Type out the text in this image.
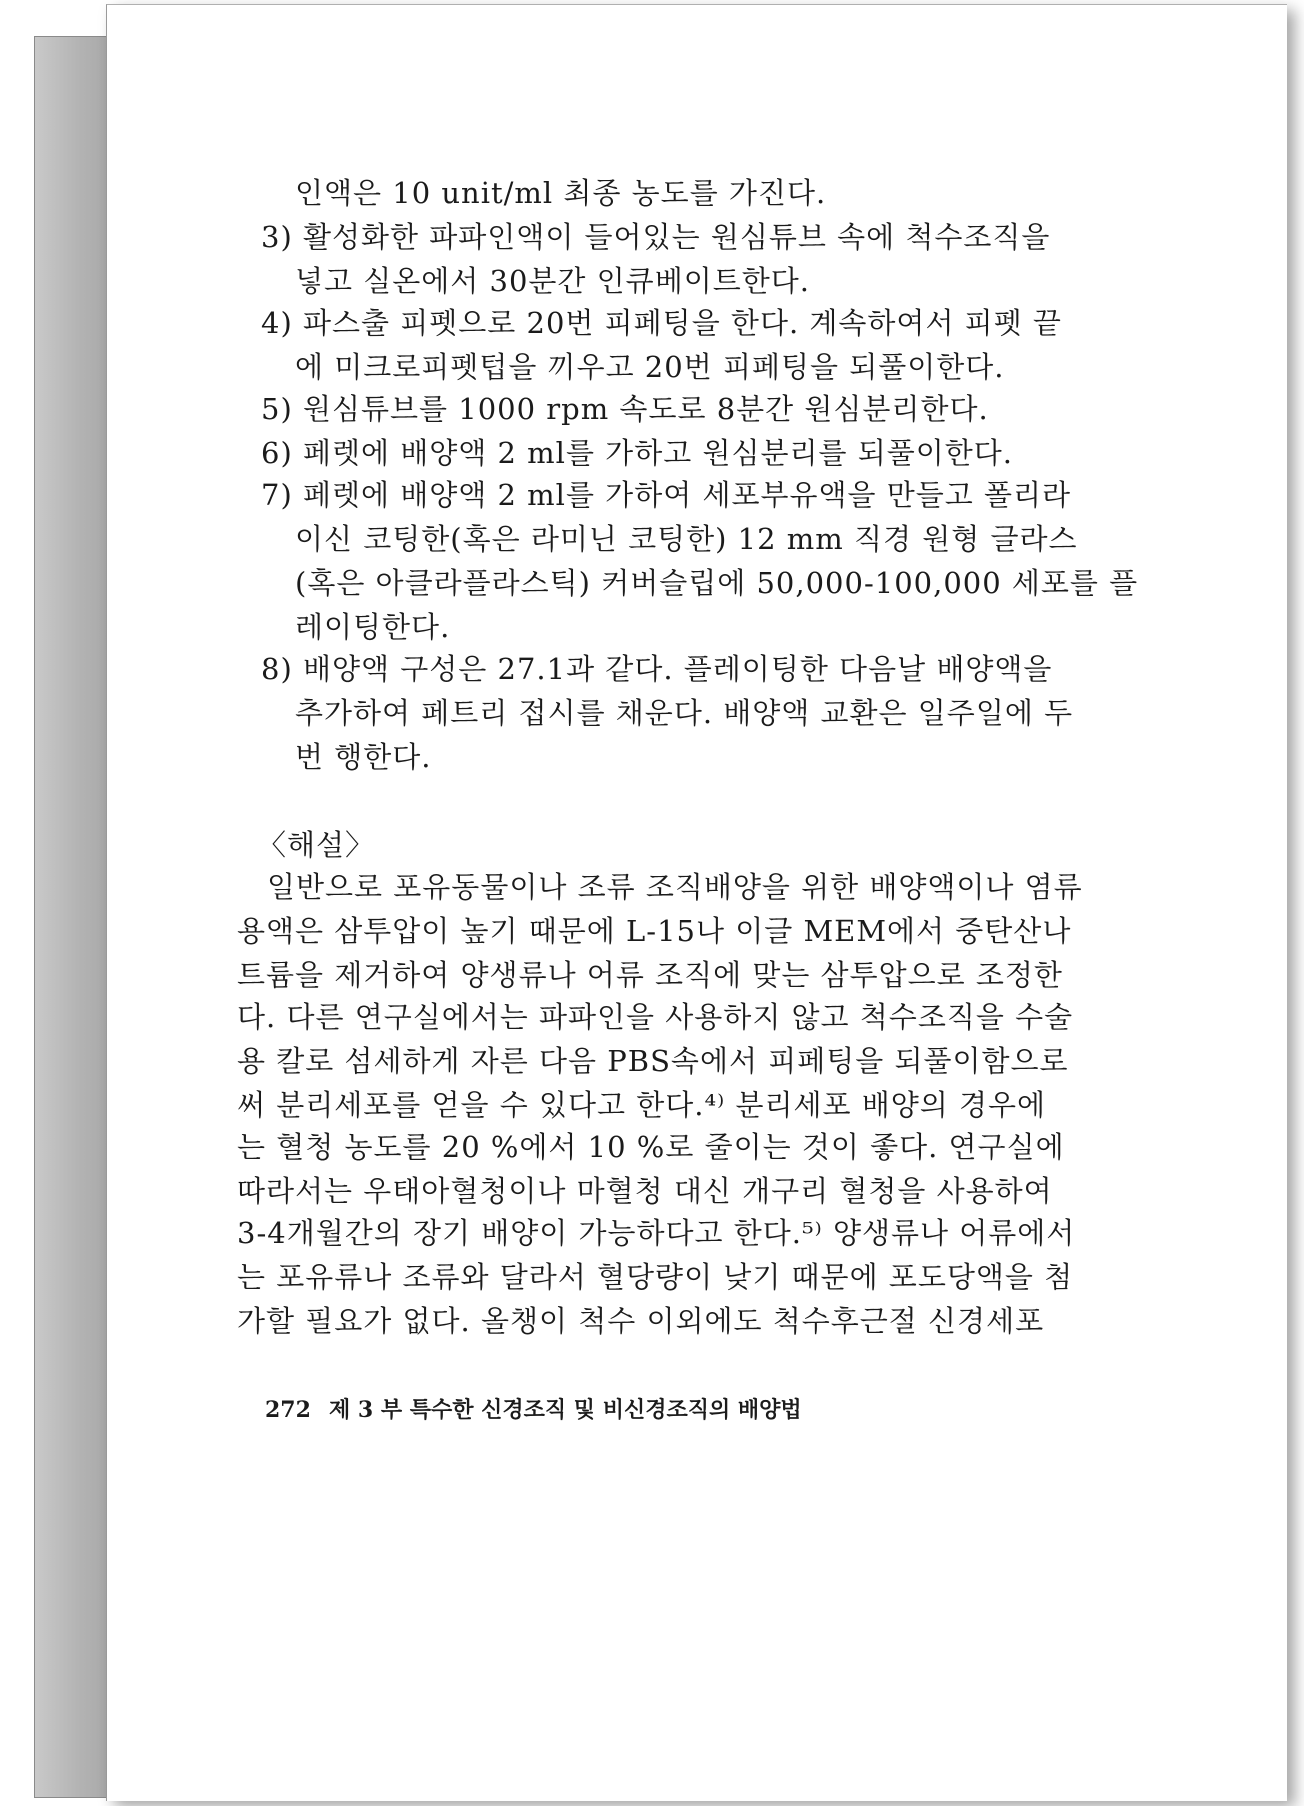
인액은 10 unit/ml 최종 농도를 가진다.
3) 활성화한 파파인액이 들어있는 원심튜브 속에 척수조직을
넣고 실온에서 30분간 인큐베이트한다.
4) 파스출 피펫으로 20번 피페팅을 한다. 계속하여서 피펫 끝
에 미크로피펫텁을 끼우고 20번 피페팅을 되풀이한다.
5) 원심튜브를 1000 rpm 속도로 8분간 원심분리한다.
6) 페렛에 배양액 2 ml를 가하고 원심분리를 되풀이한다.
7) 페렛에 배양액 2 ml를 가하여 세포부유액을 만들고 폴리라
이신 코팅한(혹은 라미닌 코팅한) 12 mm 직경 원형 글라스
(혹은 아클라플라스틱) 커버슬립에 50,000-100,000 세포를 플
레이팅한다.
8) 배양액 구성은 27.1과 같다. 플레이팅한 다음날 배양액을
추가하여 페트리 접시를 채운다. 배양액 교환은 일주일에 두
번 행한다.
〈해설〉
일반으로 포유동물이나 조류 조직배양을 위한 배양액이나 염류
용액은 삼투압이 높기 때문에 L-15나 이글 MEM에서 중탄산나
트륨을 제거하여 양생류나 어류 조직에 맞는 삼투압으로 조정한
다. 다른 연구실에서는 파파인을 사용하지 않고 척수조직을 수술
용 칼로 섬세하게 자른 다음 PBS속에서 피페팅을 되풀이함으로
써 분리세포를 얻을 수 있다고 한다.⁴⁾ 분리세포 배양의 경우에
는 혈청 농도를 20 %에서 10 %로 줄이는 것이 좋다. 연구실에
따라서는 우태아혈청이나 마혈청 대신 개구리 혈청을 사용하여
3-4개월간의 장기 배양이 가능하다고 한다.⁵⁾ 양생류나 어류에서
는 포유류나 조류와 달라서 혈당량이 낮기 때문에 포도당액을 첨
가할 필요가 없다. 올챙이 척수 이외에도 척수후근절 신경세포
272 제 3 부 특수한 신경조직 및 비신경조직의 배양법
